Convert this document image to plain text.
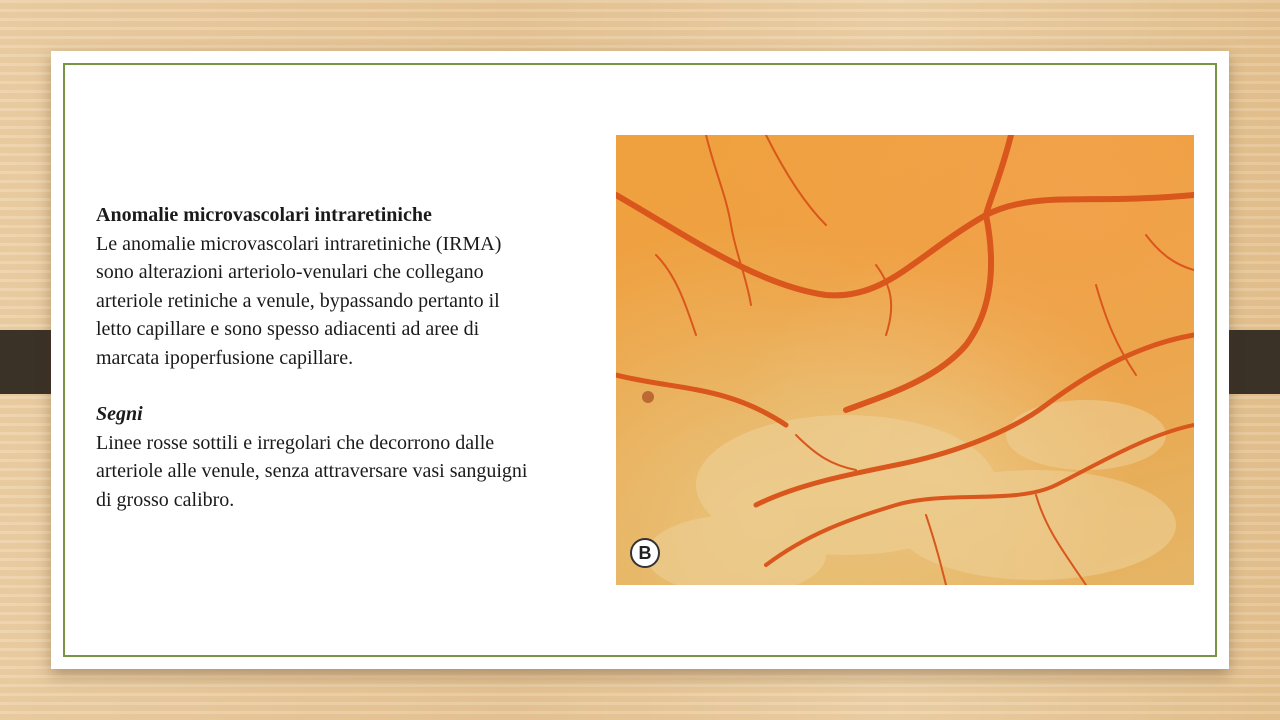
Anomalie microvascolari intraretiniche
Le anomalie microvascolari intraretiniche (IRMA)
sono alterazioni arteriolo-venulari che collegano
arteriole retiniche a venule, bypassando pertanto il
letto capillare e sono spesso adiacenti ad aree di
marcata ipoperfusione capillare.
Segni
Linee rosse sottili e irregolari che decorrono dalle
arteriole alle venule, senza attraversare vasi sanguigni
di grosso calibro.
B
